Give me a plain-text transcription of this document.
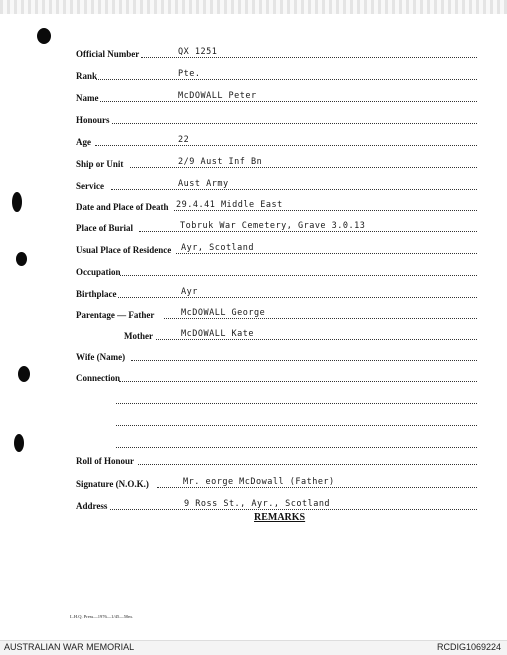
Official Number	QX 1251
Rank	Pte.
Name	McDOWALL Peter
Honours
Age	22
Ship or Unit	2/9 Aust Inf Bn
Service	Aust Army
Date and Place of Death 29.4.41 Middle East
Place of Burial	Tobruk War Cemetery, Grave 3.0.13
Usual Place of Residence Ayr, Scotland
Occupation
Birthplace	Ayr
Parentage — Father	McDOWALL George
Mother	McDOWALL Kate
Wife (Name)
Connection
Roll of Honour
Signature (N.O.K.)	Mr. eorge McDowall (Father)
Address	9 Ross St., Ayr., Scotland
REMARKS
L.H.Q. Press—1976—1/45—50m.
AUSTRALIAN WAR MEMORIAL	RCDIG1069224
